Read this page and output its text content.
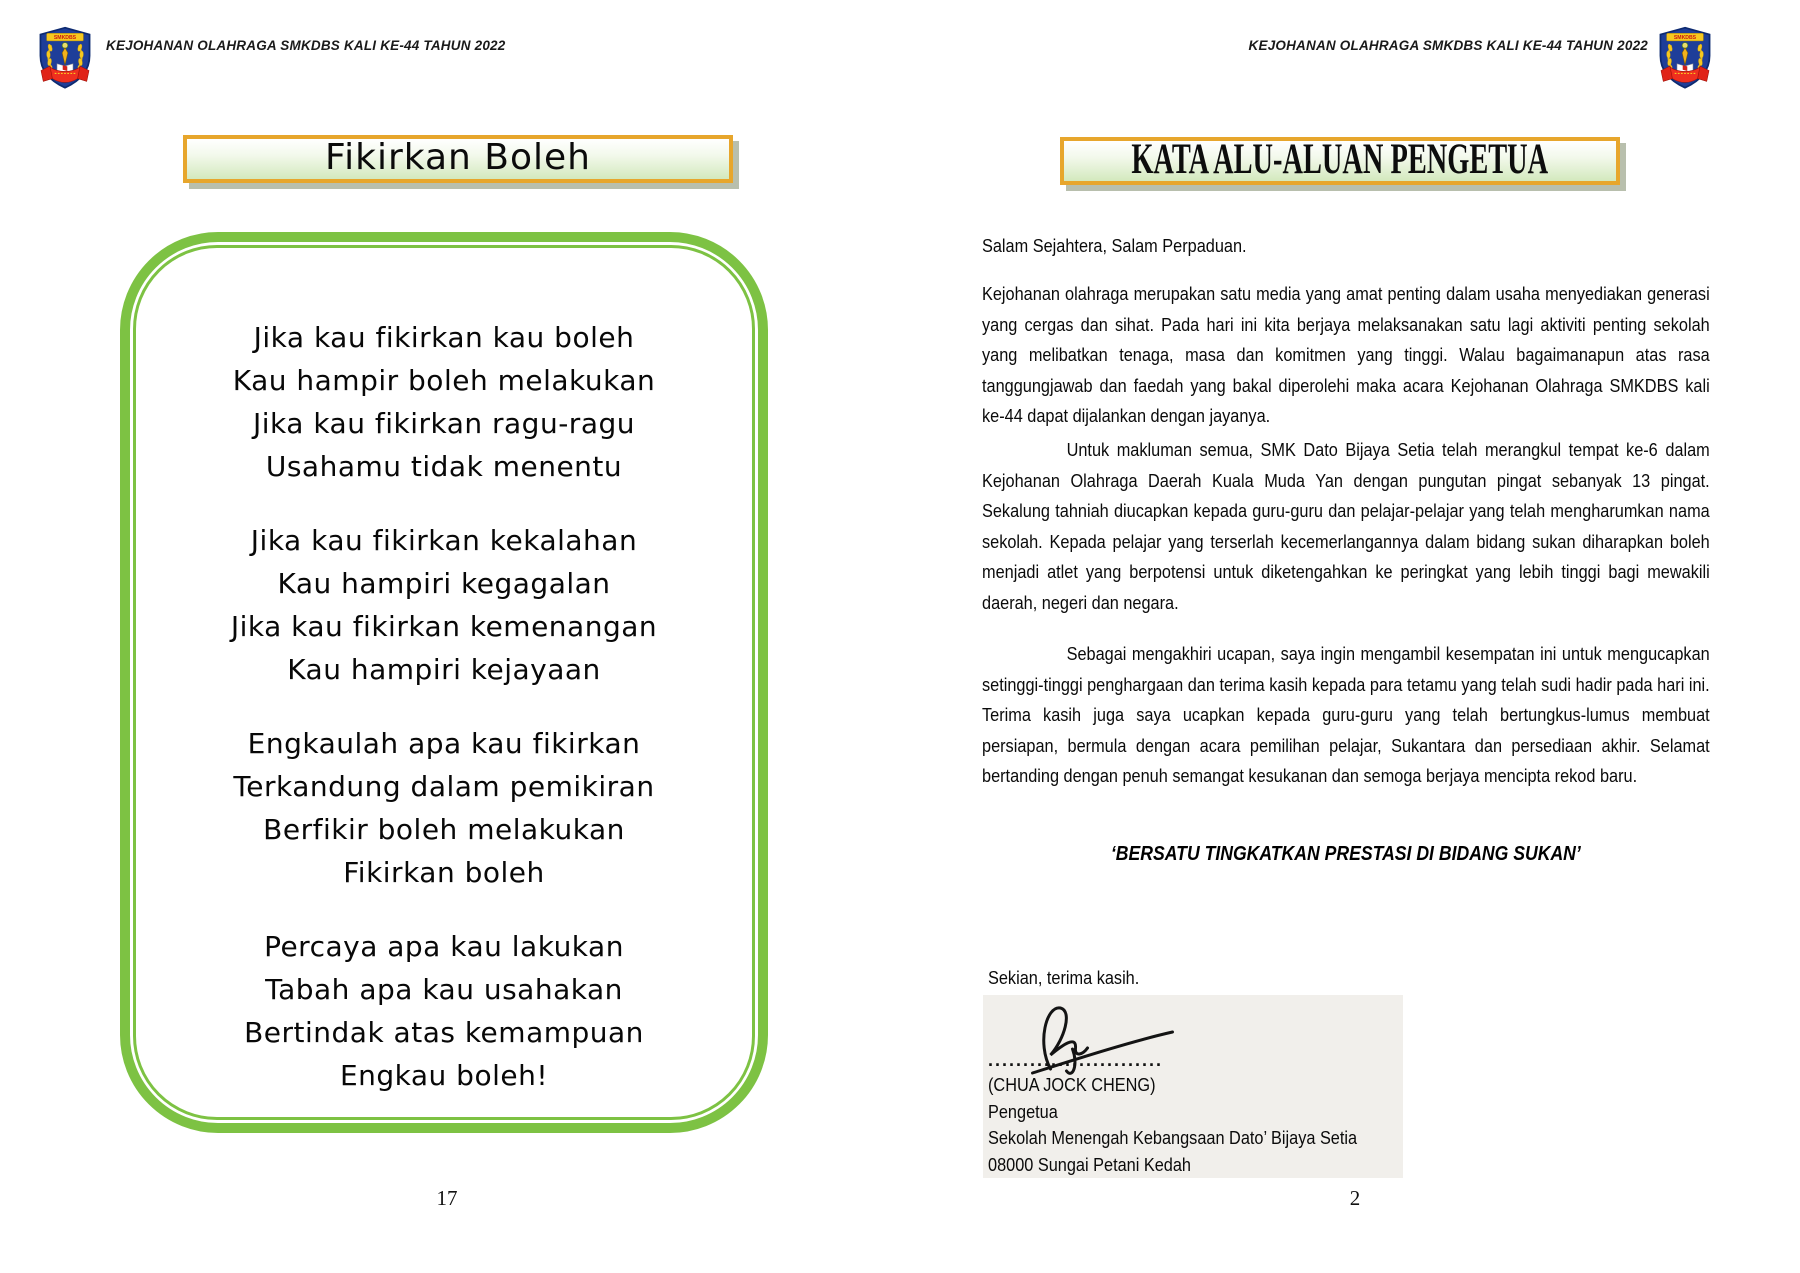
SMKDBS KEJOHANAN OLAHRAGA SMKDBS KALI KE-44 TAHUN 2022
Fikirkan Boleh
Jika kau fikirkan kau boleh
Kau hampir boleh melakukan
Jika kau fikirkan ragu-ragu
Usahamu tidak menentu
Jika kau fikirkan kekalahan
Kau hampiri kegagalan
Jika kau fikirkan kemenangan
Kau hampiri kejayaan
Engkaulah apa kau fikirkan
Terkandung dalam pemikiran
Berfikir boleh melakukan
Fikirkan boleh
Percaya apa kau lakukan
Tabah apa kau usahakan
Bertindak atas kemampuan
Engkau boleh!
17
KEJOHANAN OLAHRAGA SMKDBS KALI KE-44 TAHUN 2022	SMKDBS
KATA ALU-ALUAN PENGETUA
Salam Sejahtera, Salam Perpaduan.
Kejohanan olahraga merupakan satu media yang amat penting dalam usaha menyediakan generasi yang cergas dan sihat. Pada hari ini kita berjaya melaksanakan satu lagi aktiviti penting sekolah yang melibatkan tenaga, masa dan komitmen yang tinggi. Walau bagaimanapun atas rasa tanggungjawab dan faedah yang bakal diperolehi maka acara Kejohanan Olahraga SMKDBS kali ke-44 dapat dijalankan dengan jayanya.
Untuk makluman semua, SMK Dato Bijaya Setia telah merangkul tempat ke-6 dalam Kejohanan Olahraga Daerah Kuala Muda Yan dengan pungutan pingat sebanyak 13 pingat. Sekalung tahniah diucapkan kepada guru-guru dan pelajar-pelajar yang telah mengharumkan nama sekolah. Kepada pelajar yang terserlah kecemerlangannya dalam bidang sukan diharapkan boleh menjadi atlet yang berpotensi untuk diketengahkan ke peringkat yang lebih tinggi bagi mewakili daerah, negeri dan negara.
Sebagai mengakhiri ucapan, saya ingin mengambil kesempatan ini untuk mengucapkan setinggi-tinggi penghargaan dan terima kasih kepada para tetamu yang telah sudi hadir pada hari ini. Terima kasih juga saya ucapkan kepada guru-guru yang telah bertungkus-lumus membuat persiapan, bermula dengan acara pemilihan pelajar, Sukantara dan persediaan akhir. Selamat bertanding dengan penuh semangat kesukanan dan semoga berjaya mencipta rekod baru.
‘BERSATU TINGKATKAN PRESTASI DI BIDANG SUKAN’
Sekian, terima kasih.
.........................
(CHUA JOCK CHENG)
Pengetua
Sekolah Menengah Kebangsaan Dato’ Bijaya Setia
08000 Sungai Petani Kedah
2
